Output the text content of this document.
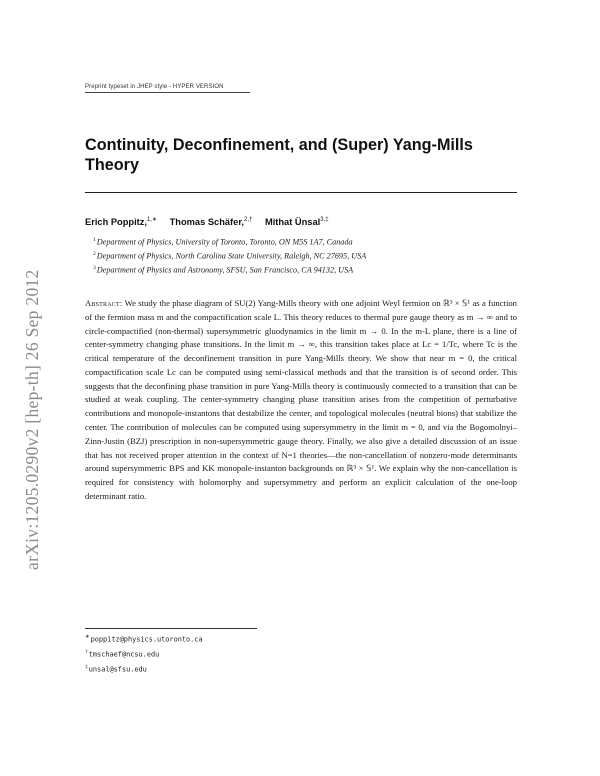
Preprint typeset in JHEP style - HYPER VERSION
arXiv:1205.0290v2 [hep-th] 26 Sep 2012
Continuity, Deconfinement, and (Super) Yang-Mills Theory
Erich Poppitz,$^{1,∗}$ Thomas Schäfer,$^{2,\dagger}$ Mithat Ünsal$^{3,\ddagger}$
$^1$Department of Physics, University of Toronto, Toronto, ON M5S 1A7, Canada
$^2$Department of Physics, North Carolina State University, Raleigh, NC 27695, USA
$^3$Department of Physics and Astronomy, SFSU, San Francisco, CA 94132, USA
Abstract: We study the phase diagram of SU(2) Yang-Mills theory with one adjoint Weyl fermion on ℝ³ × 𝕊¹ as a function of the fermion mass m and the compactification scale L. This theory reduces to thermal pure gauge theory as m → ∞ and to circle-compactified (non-thermal) supersymmetric gluodynamics in the limit m → 0. In the m-L plane, there is a line of center-symmetry changing phase transitions. In the limit m → ∞, this transition takes place at Lc = 1/Tc, where Tc is the critical temperature of the deconfinement transition in pure Yang-Mills theory. We show that near m = 0, the critical compactification scale Lc can be computed using semi-classical methods and that the transition is of second order. This suggests that the deconfining phase transition in pure Yang-Mills theory is continuously connected to a transition that can be studied at weak coupling. The center-symmetry changing phase transition arises from the competition of perturbative contributions and monopole-instantons that destabilize the center, and topological molecules (neutral bions) that stabilize the center. The contribution of molecules can be computed using supersymmetry in the limit m = 0, and via the Bogomolnyi–Zinn-Justin (BZJ) prescription in non-supersymmetric gauge theory. Finally, we also give a detailed discussion of an issue that has not received proper attention in the context of N=1 theories—the non-cancellation of nonzero-mode determinants around supersymmetric BPS and KK monopole-instanton backgrounds on ℝ³ × 𝕊¹. We explain why the non-cancellation is required for consistency with holomorphy and supersymmetry and perform an explicit calculation of the one-loop determinant ratio.
∗poppitz@physics.utoronto.ca
†tmschaef@ncsu.edu
‡unsal@sfsu.edu
